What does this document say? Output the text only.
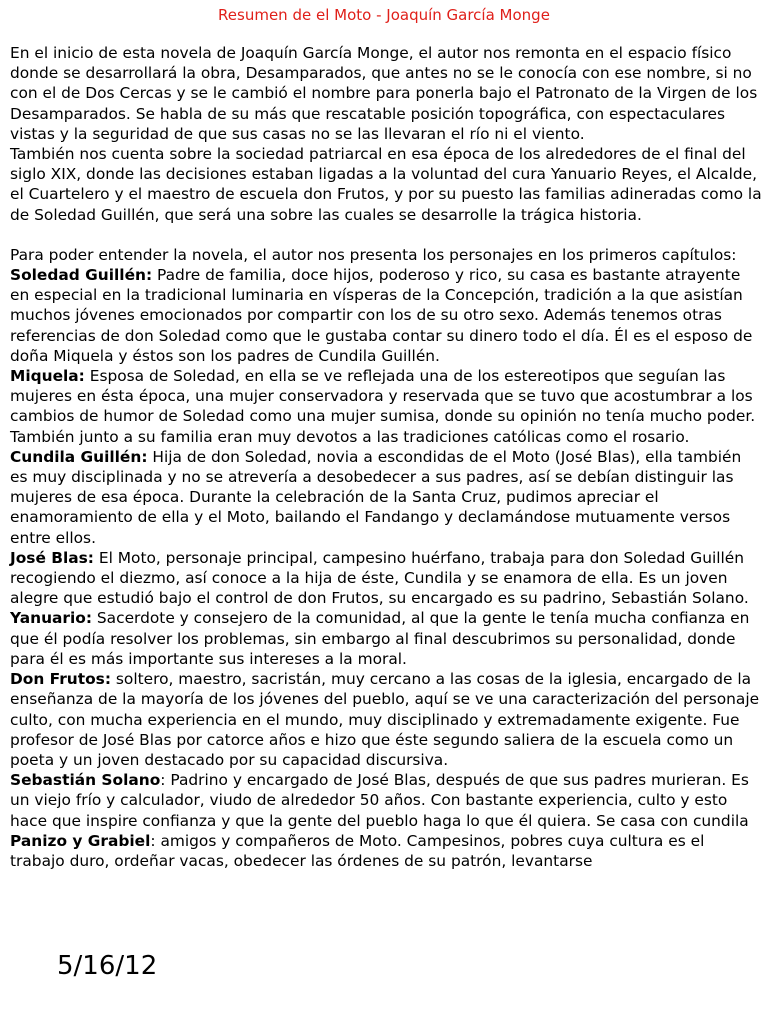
Resumen de el Moto - Joaquín García Monge

En el inicio de esta novela de Joaquín García Monge, el autor nos remonta en el espacio físico donde se desarrollará la obra, Desamparados, que antes no se le conocía con ese nombre, si no con el de Dos Cercas y se le cambió el nombre para ponerla bajo el Patronato de la Virgen de los Desamparados. Se habla de su más que rescatable posición topográfica, con espectaculares vistas y la seguridad de que sus casas no se las llevaran el río ni el viento.

También nos cuenta sobre la sociedad patriarcal en esa época de los alrededores de el final del siglo XIX, donde las decisiones estaban ligadas a la voluntad del cura Yanuario Reyes, el Alcalde, el Cuartelero y el maestro de escuela don Frutos, y por su puesto las familias adineradas como la de Soledad Guillén, que será una sobre las cuales se desarrolle la trágica historia.

Para poder entender la novela, el autor nos presenta los personajes en los primeros capítulos:

Soledad Guillén: Padre de familia, doce hijos, poderoso y rico, su casa es bastante atrayente en especial en la tradicional luminaria en vísperas de la Concepción, tradición a la que asistían muchos jóvenes emocionados por compartir con los de su otro sexo. Además tenemos otras referencias de don Soledad como que le gustaba contar su dinero todo el día. Él es el esposo de doña Miquela y éstos son los padres de Cundila Guillén.

Miquela: Esposa de Soledad, en ella se ve reflejada una de los estereotipos que seguían las mujeres en ésta época, una mujer conservadora y reservada que se tuvo que acostumbrar a los cambios de humor de Soledad como una mujer sumisa, donde su opinión no tenía mucho poder. También junto a su familia eran muy devotos a las tradiciones católicas como el rosario.

Cundila Guillén: Hija de don Soledad, novia a escondidas de el Moto (José Blas), ella también es muy disciplinada y no se atrevería a desobedecer a sus padres, así se debían distinguir las mujeres de esa época. Durante la celebración de la Santa Cruz, pudimos apreciar el enamoramiento de ella y el Moto, bailando el Fandango y declamándose mutuamente versos entre ellos.

José Blas: El Moto, personaje principal, campesino huérfano, trabaja para don Soledad Guillén recogiendo el diezmo, así conoce a la hija de éste, Cundila y se enamora de ella. Es un joven alegre que estudió bajo el control de don Frutos, su encargado es su padrino, Sebastián Solano.

Yanuario: Sacerdote y consejero de la comunidad, al que la gente le tenía mucha confianza en que él podía resolver los problemas, sin embargo al final descubrimos su personalidad, donde para él es más importante sus intereses a la moral.

Don Frutos: soltero, maestro, sacristán, muy cercano a las cosas de la iglesia, encargado de la enseñanza de la mayoría de los jóvenes del pueblo, aquí se ve una caracterización del personaje culto, con mucha experiencia en el mundo, muy disciplinado y extremadamente exigente. Fue profesor de José Blas por catorce años e hizo que éste segundo saliera de la escuela como un poeta y un joven destacado por su capacidad discursiva.

Sebastián Solano: Padrino y encargado de José Blas, después de que sus padres murieran. Es un viejo frío y calculador, viudo de alrededor 50 años. Con bastante experiencia, culto y esto hace que inspire confianza y que la gente del pueblo haga lo que él quiera. Se casa con cundila

Panizo y Grabiel: amigos y compañeros de Moto. Campesinos, pobres cuya cultura es el trabajo duro, ordeñar vacas, obedecer las órdenes de su patrón, levantarse

5/16/12
